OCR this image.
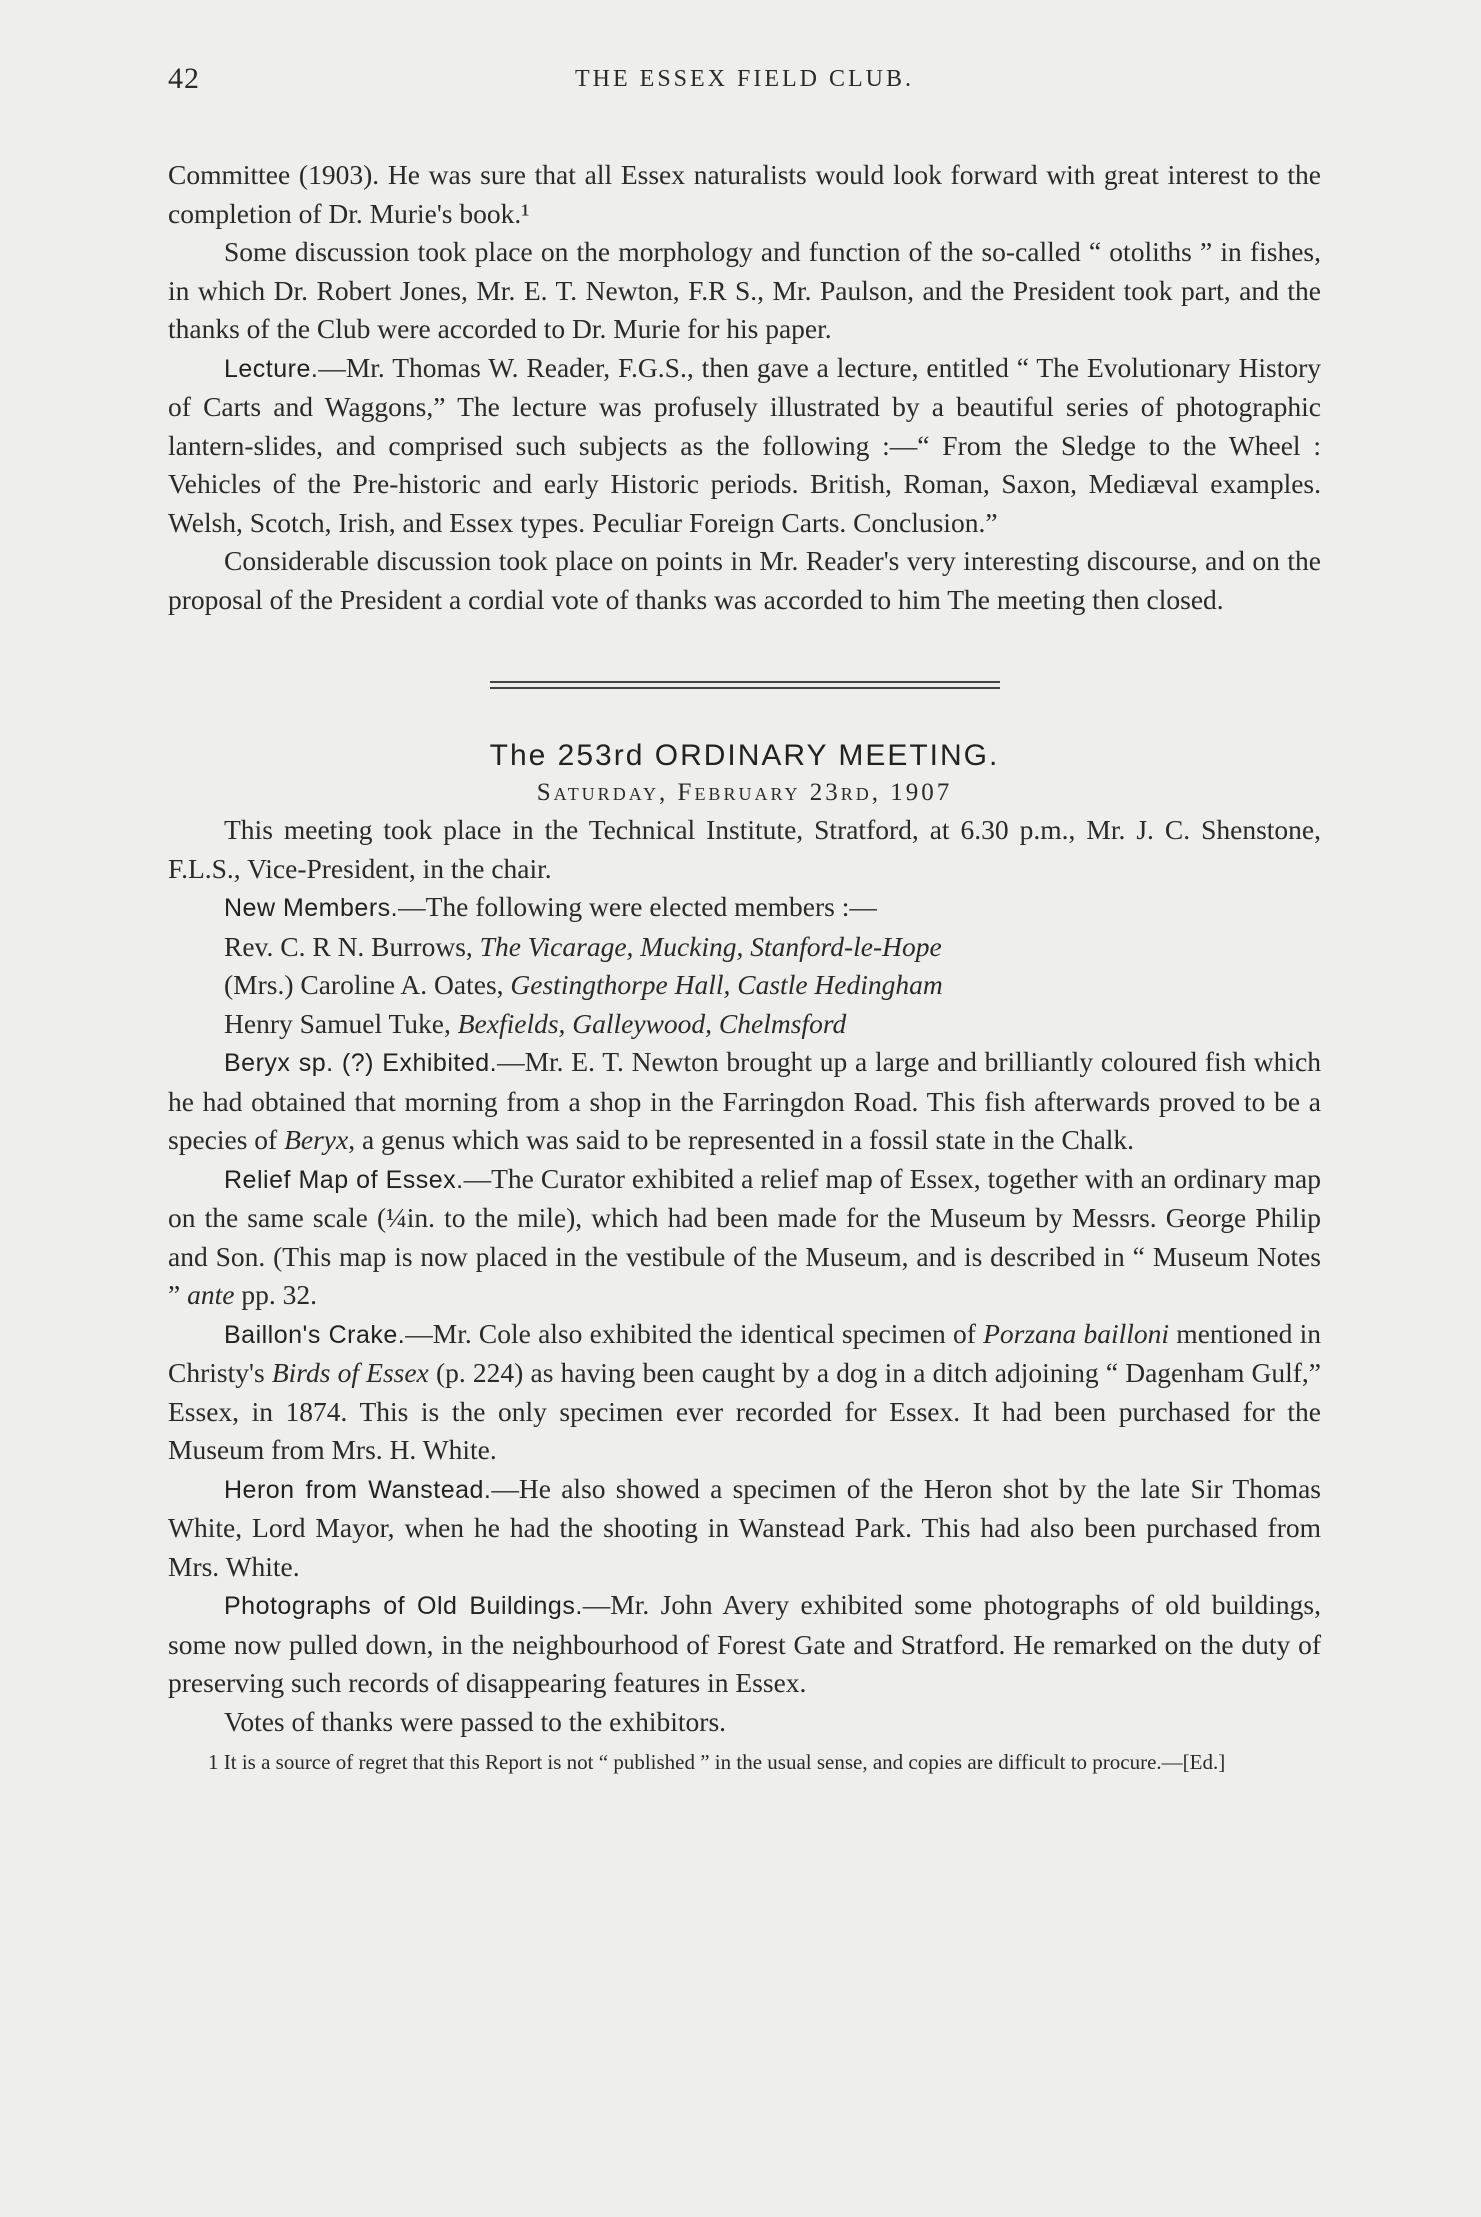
42	THE ESSEX FIELD CLUB.

Committee (1903). He was sure that all Essex naturalists would look forward with great interest to the completion of Dr. Murie's book.¹

Some discussion took place on the morphology and function of the so-called “ otoliths ” in fishes, in which Dr. Robert Jones, Mr. E. T. Newton, F.R S., Mr. Paulson, and the President took part, and the thanks of the Club were accorded to Dr. Murie for his paper.

Lecture.—Mr. Thomas W. Reader, F.G.S., then gave a lecture, entitled “ The Evolutionary History of Carts and Waggons,” The lecture was profusely illustrated by a beautiful series of photographic lantern-slides, and comprised such subjects as the following :—“ From the Sledge to the Wheel : Vehicles of the Pre-historic and early Historic periods. British, Roman, Saxon, Mediæval examples. Welsh, Scotch, Irish, and Essex types. Peculiar Foreign Carts. Conclusion.”

Considerable discussion took place on points in Mr. Reader's very interesting discourse, and on the proposal of the President a cordial vote of thanks was accorded to him The meeting then closed.

The 253rd ORDINARY MEETING.
Saturday, February 23rd, 1907

This meeting took place in the Technical Institute, Stratford, at 6.30 p.m., Mr. J. C. Shenstone, F.L.S., Vice-President, in the chair.

New Members.—The following were elected members :—

Rev. C. R N. Burrows, The Vicarage, Mucking, Stanford-le-Hope
(Mrs.) Caroline A. Oates, Gestingthorpe Hall, Castle Hedingham
Henry Samuel Tuke, Bexfields, Galleywood, Chelmsford

Beryx sp. (?) Exhibited.—Mr. E. T. Newton brought up a large and brilliantly coloured fish which he had obtained that morning from a shop in the Farringdon Road. This fish afterwards proved to be a species of Beryx, a genus which was said to be represented in a fossil state in the Chalk.

Relief Map of Essex.—The Curator exhibited a relief map of Essex, together with an ordinary map on the same scale (¼in. to the mile), which had been made for the Museum by Messrs. George Philip and Son. (This map is now placed in the vestibule of the Museum, and is described in “ Museum Notes ” ante pp. 32.

Baillon's Crake.—Mr. Cole also exhibited the identical specimen of Porzana bailloni mentioned in Christy's Birds of Essex (p. 224) as having been caught by a dog in a ditch adjoining “ Dagenham Gulf,” Essex, in 1874. This is the only specimen ever recorded for Essex. It had been purchased for the Museum from Mrs. H. White.

Heron from Wanstead.—He also showed a specimen of the Heron shot by the late Sir Thomas White, Lord Mayor, when he had the shooting in Wanstead Park. This had also been purchased from Mrs. White.

Photographs of Old Buildings.—Mr. John Avery exhibited some photographs of old buildings, some now pulled down, in the neighbourhood of Forest Gate and Stratford. He remarked on the duty of preserving such records of disappearing features in Essex.

Votes of thanks were passed to the exhibitors.

1 It is a source of regret that this Report is not “ published ” in the usual sense, and copies are difficult to procure.—[Ed.]
